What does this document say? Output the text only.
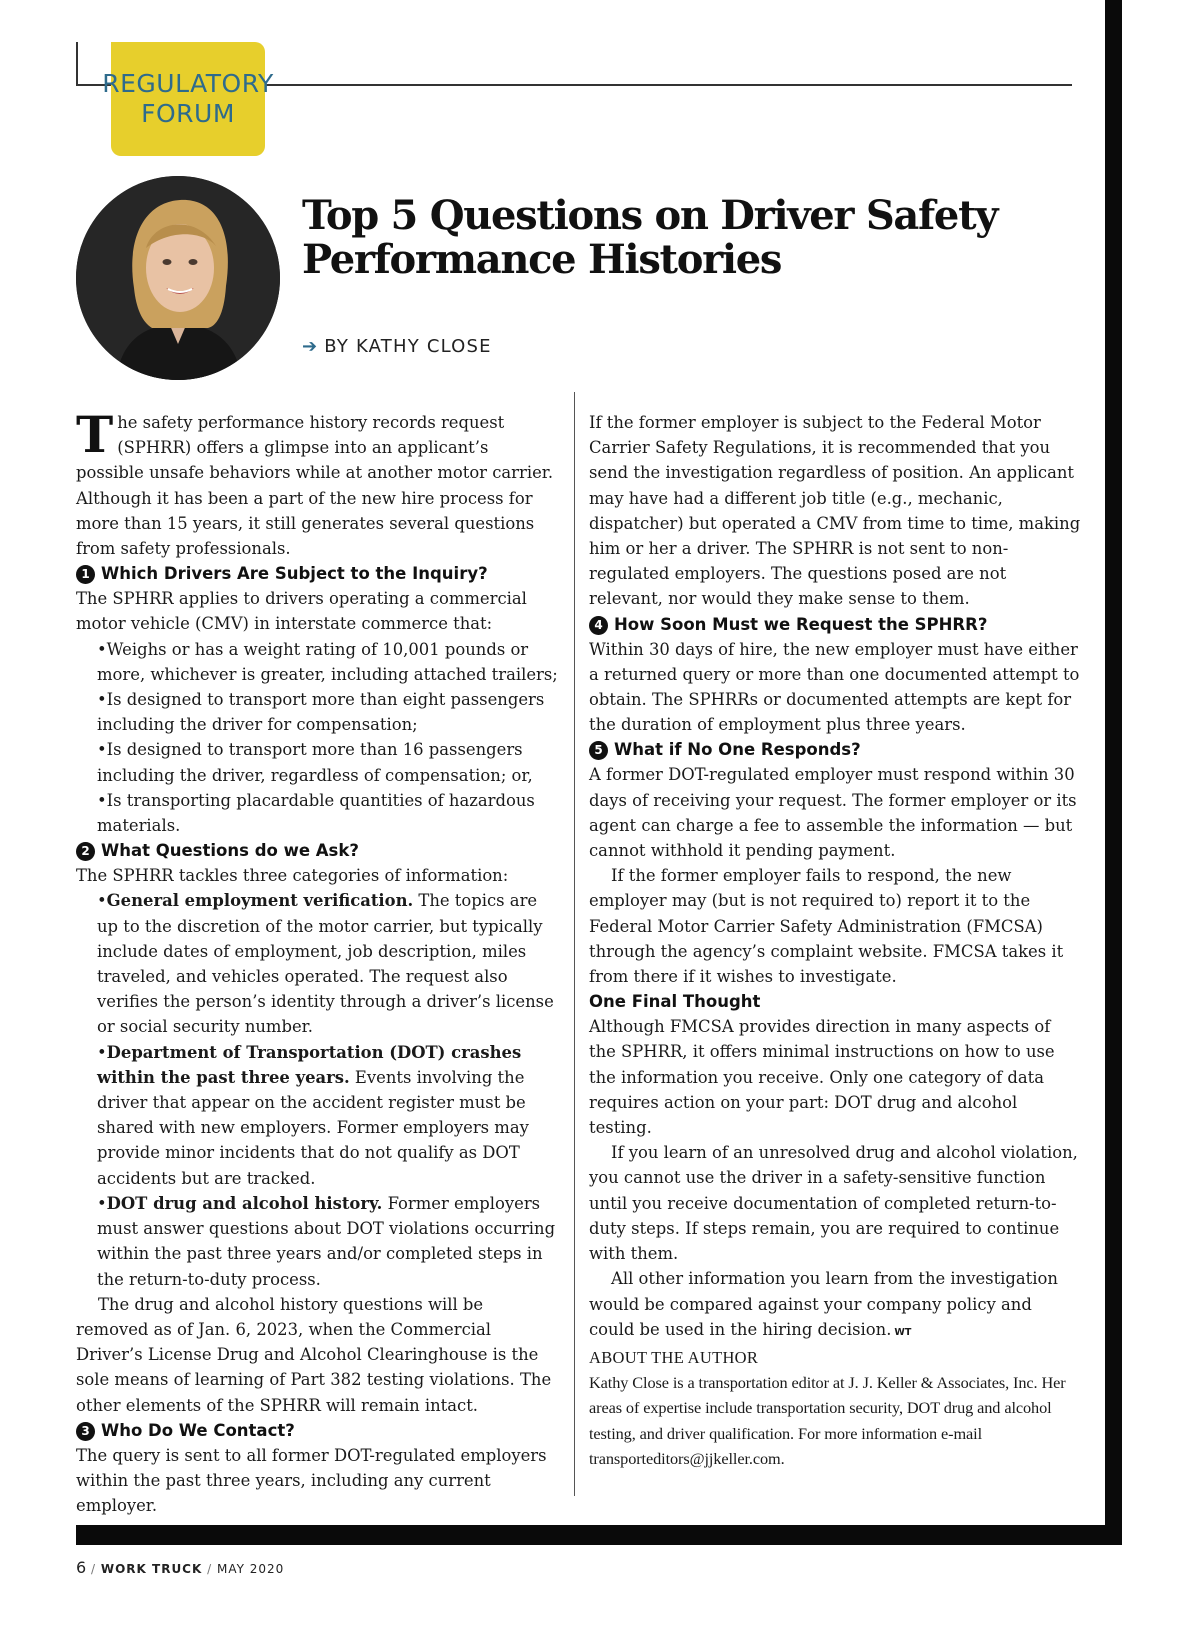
REGULATORY
FORUM
Top 5 Questions on Driver Safety Performance Histories

➔ BY KATHY CLOSE

The safety performance history records request (SPHRR) offers a glimpse into an applicant’s possible unsafe behaviors while at another motor carrier. Although it has been a part of the new hire process for more than 15 years, it still generates several questions from safety professionals.

1 Which Drivers Are Subject to the Inquiry?

The SPHRR applies to drivers operating a commercial motor vehicle (CMV) in interstate commerce that:

• Weighs or has a weight rating of 10,001 pounds or more, whichever is greater, including attached trailers;
• Is designed to transport more than eight passengers including the driver for compensation;
• Is designed to transport more than 16 passengers including the driver, regardless of compensation; or,
• Is transporting placardable quantities of hazardous materials.

2 What Questions do we Ask?

The SPHRR tackles three categories of information:

• General employment verification. The topics are up to the discretion of the motor carrier, but typically include dates of employment, job description, miles traveled, and vehicles operated. The request also verifies the person’s identity through a driver’s license or social security number.
• Department of Transportation (DOT) crashes within the past three years. Events involving the driver that appear on the accident register must be shared with new employers. Former employers may provide minor incidents that do not qualify as DOT accidents but are tracked.
• DOT drug and alcohol history. Former employers must answer questions about DOT violations occurring within the past three years and/or completed steps in the return-to-duty process.

The drug and alcohol history questions will be removed as of Jan. 6, 2023, when the Commercial Driver’s License Drug and Alcohol Clearinghouse is the sole means of learning of Part 382 testing violations. The other elements of the SPHRR will remain intact.

3 Who Do We Contact?

The query is sent to all former DOT-regulated employers within the past three years, including any current employer.

If the former employer is subject to the Federal Motor Carrier Safety Regulations, it is recommended that you send the investigation regardless of position. An applicant may have had a different job title (e.g., mechanic, dispatcher) but operated a CMV from time to time, making him or her a driver. The SPHRR is not sent to non-regulated employers. The questions posed are not relevant, nor would they make sense to them.

4 How Soon Must we Request the SPHRR?

Within 30 days of hire, the new employer must have either a returned query or more than one documented attempt to obtain. The SPHRRs or documented attempts are kept for the duration of employment plus three years.

5 What if No One Responds?

A former DOT-regulated employer must respond within 30 days of receiving your request. The former employer or its agent can charge a fee to assemble the information — but cannot withhold it pending payment.

If the former employer fails to respond, the new employer may (but is not required to) report it to the Federal Motor Carrier Safety Administration (FMCSA) through the agency’s complaint website. FMCSA takes it from there if it wishes to investigate.

One Final Thought

Although FMCSA provides direction in many aspects of the SPHRR, it offers minimal instructions on how to use the information you receive. Only one category of data requires action on your part: DOT drug and alcohol testing.

If you learn of an unresolved drug and alcohol violation, you cannot use the driver in a safety-sensitive function until you receive documentation of completed return-to-duty steps. If steps remain, you are required to continue with them.

All other information you learn from the investigation would be compared against your company policy and could be used in the hiring decision. WT

ABOUT THE AUTHOR

Kathy Close is a transportation editor at J. J. Keller & Associates, Inc. Her areas of expertise include transportation security, DOT drug and alcohol testing, and driver qualification. For more information e-mail transporteditors@jjkeller.com.

6 / WORK TRUCK / MAY 2020
